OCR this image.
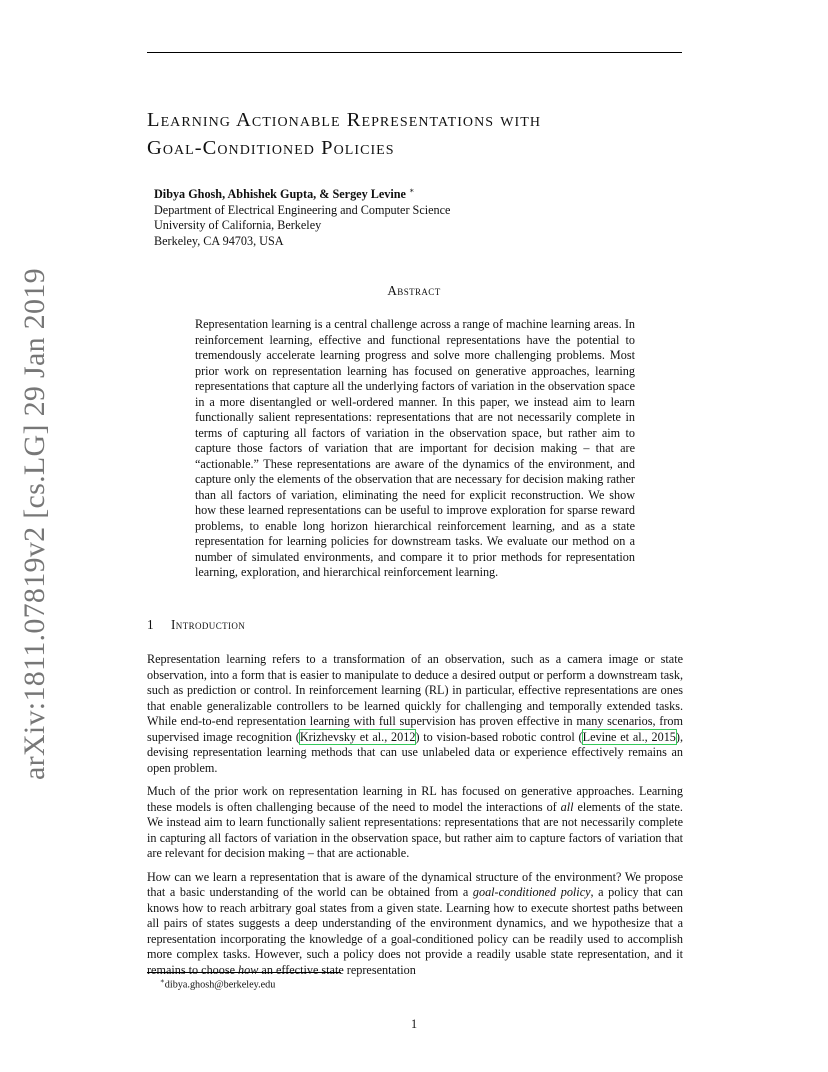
arXiv:1811.07819v2 [cs.LG] 29 Jan 2019
Learning Actionable Representations with
Goal-Conditioned Policies
Dibya Ghosh, Abhishek Gupta, & Sergey Levine ∗
Department of Electrical Engineering and Computer Science
University of California, Berkeley
Berkeley, CA 94703, USA
Abstract
Representation learning is a central challenge across a range of machine learning areas. In reinforcement learning, effective and functional representations have the potential to tremendously accelerate learning progress and solve more challenging problems. Most prior work on representation learning has focused on generative approaches, learning representations that capture all the underlying factors of variation in the observation space in a more disentangled or well-ordered manner. In this paper, we instead aim to learn functionally salient representations: representations that are not necessarily complete in terms of capturing all factors of variation in the observation space, but rather aim to capture those factors of variation that are important for decision making – that are “actionable.” These representations are aware of the dynamics of the environment, and capture only the elements of the observation that are necessary for decision making rather than all factors of variation, eliminating the need for explicit reconstruction. We show how these learned representations can be useful to improve exploration for sparse reward problems, to enable long horizon hierarchical reinforcement learning, and as a state representation for learning policies for downstream tasks. We evaluate our method on a number of simulated environments, and compare it to prior methods for representation learning, exploration, and hierarchical reinforcement learning.
1 Introduction

Representation learning refers to a transformation of an observation, such as a camera image or state observation, into a form that is easier to manipulate to deduce a desired output or perform a downstream task, such as prediction or control. In reinforcement learning (RL) in particular, effective representations are ones that enable generalizable controllers to be learned quickly for challenging and temporally extended tasks. While end-to-end representation learning with full supervision has proven effective in many scenarios, from supervised image recognition (Krizhevsky et al., 2012) to vision-based robotic control (Levine et al., 2015), devising representation learning methods that can use unlabeled data or experience effectively remains an open problem.

Much of the prior work on representation learning in RL has focused on generative approaches. Learning these models is often challenging because of the need to model the interactions of all elements of the state. We instead aim to learn functionally salient representations: representations that are not necessarily complete in capturing all factors of variation in the observation space, but rather aim to capture factors of variation that are relevant for decision making – that are actionable.

How can we learn a representation that is aware of the dynamical structure of the environment? We propose that a basic understanding of the world can be obtained from a goal-conditioned policy, a policy that can knows how to reach arbitrary goal states from a given state. Learning how to execute shortest paths between all pairs of states suggests a deep understanding of the environment dynamics, and we hypothesize that a representation incorporating the knowledge of a goal-conditioned policy can be readily used to accomplish more complex tasks. However, such a policy does not provide a readily usable state representation, and it remains to choose how an effective state representation

∗dibya.ghosh@berkeley.edu
1
